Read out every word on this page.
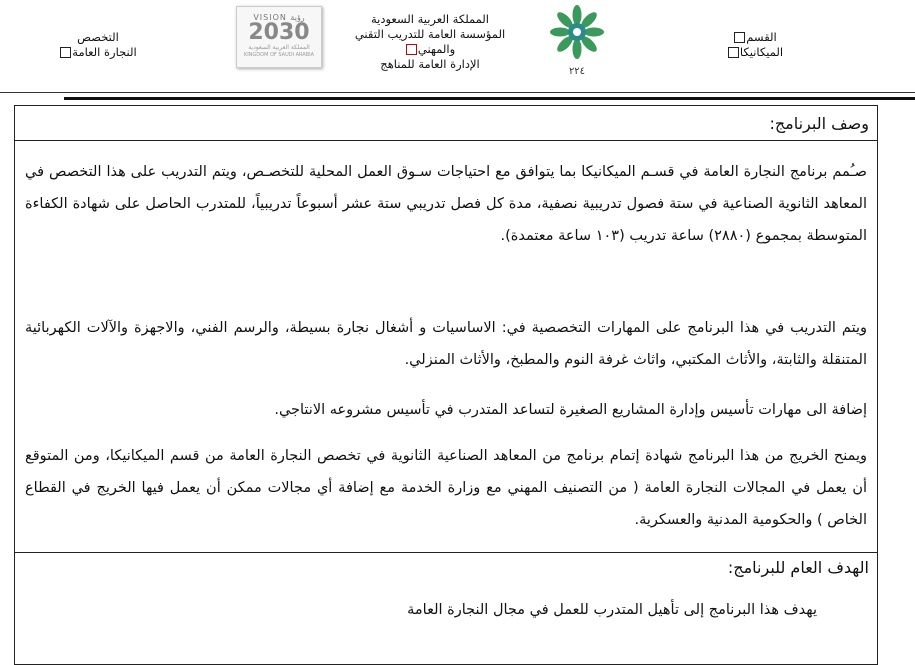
التخصص
النجارة العامة
VISION رؤية
2030
المملكة العربية السعودية
KINGDOM OF SAUDI ARABIA
المملكة العربية السعودية
المؤسسة العامة للتدريب التقني
والمهني
الإدارة العامة للمناهج
٢٢٤
القسم
الميكانيكا
وصف البرنامج:
صـُمم برنامج النجارة العامة في قسـم الميكانيكا بما يتوافق مع احتياجات سـوق العمل المحلية للتخصـص، ويتم التدريب على هذا التخصص في المعاهد الثانوية الصناعية في ستة فصول تدريبية نصفية، مدة كل فصل تدريبي ستة عشر أسبوعاً تدريبياً، للمتدرب الحاصل على شهادة الكفاءة المتوسطة بمجموع (٢٨٨٠) ساعة تدريب (١٠٣ ساعة معتمدة).
ويتم التدريب في هذا البرنامج على المهارات التخصصية في: الاساسيات و أشغال نجارة بسيطة، والرسم الفني، والاجهزة والآلات الكهربائية المتنقلة والثابتة، والأثاث المكتبي، واثاث غرفة النوم والمطبخ، والأثاث المنزلي.
إضافة الى مهارات تأسيس وإدارة المشاريع الصغيرة لتساعد المتدرب في تأسيس مشروعه الانتاجي.
ويمنح الخريج من هذا البرنامج شهادة إتمام برنامج من المعاهد الصناعية الثانوية في تخصص النجارة العامة من قسم الميكانيكا، ومن المتوقع أن يعمل في المجالات النجارة العامة ( من التصنيف المهني مع وزارة الخدمة مع إضافة أي مجالات ممكن أن يعمل فيها الخريج في القطاع الخاص ) والحكومية المدنية والعسكرية.
الهدف العام للبرنامج:
يهدف هذا البرنامج إلى تأهيل المتدرب للعمل في مجال النجارة العامة
